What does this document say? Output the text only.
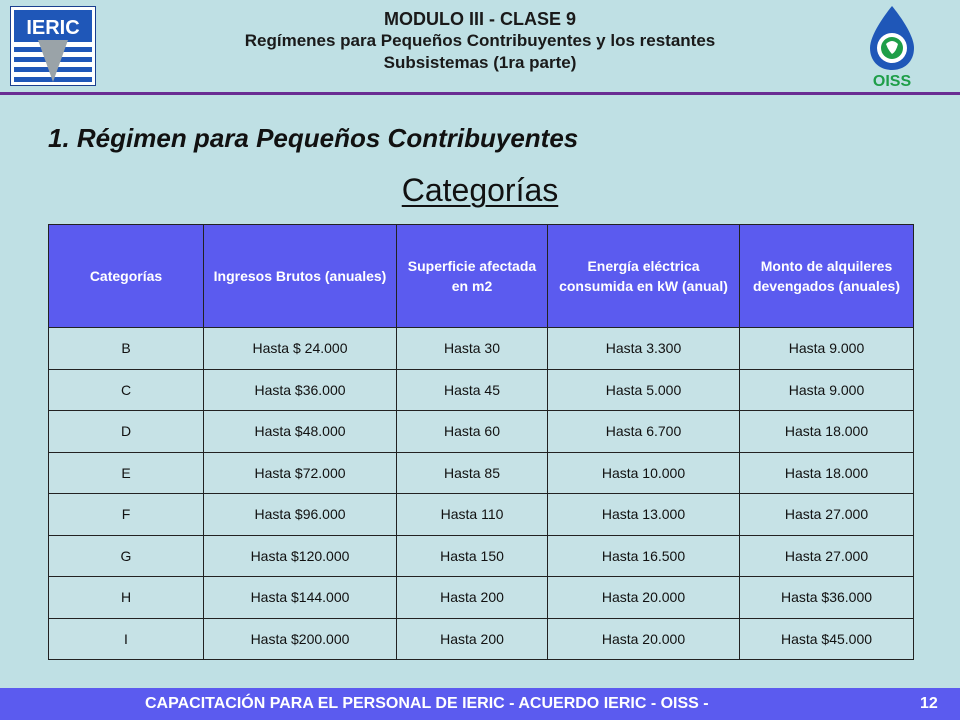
IERIC
OISS
MODULO III - CLASE 9
Regímenes para Pequeños Contribuyentes y los restantes
Subsistemas (1ra parte)
1. Régimen para Pequeños Contribuyentes
Categorías
Categorías	Ingresos Brutos (anuales)	Superficie afectada en m2	Energía eléctrica consumida en kW (anual)	Monto de alquileres devengados (anuales)
B	Hasta $ 24.000	Hasta 30	Hasta 3.300	Hasta 9.000
C	Hasta $36.000	Hasta 45	Hasta 5.000	Hasta 9.000
D	Hasta $48.000	Hasta 60	Hasta 6.700	Hasta 18.000
E	Hasta $72.000	Hasta 85	Hasta 10.000	Hasta 18.000
F	Hasta $96.000	Hasta 110	Hasta 13.000	Hasta 27.000
G	Hasta $120.000	Hasta 150	Hasta 16.500	Hasta 27.000
H	Hasta $144.000	Hasta 200	Hasta 20.000	Hasta $36.000
I	Hasta $200.000	Hasta 200	Hasta 20.000	Hasta $45.000
CAPACITACIÓN PARA EL PERSONAL DE IERIC - ACUERDO IERIC - OISS -	12
